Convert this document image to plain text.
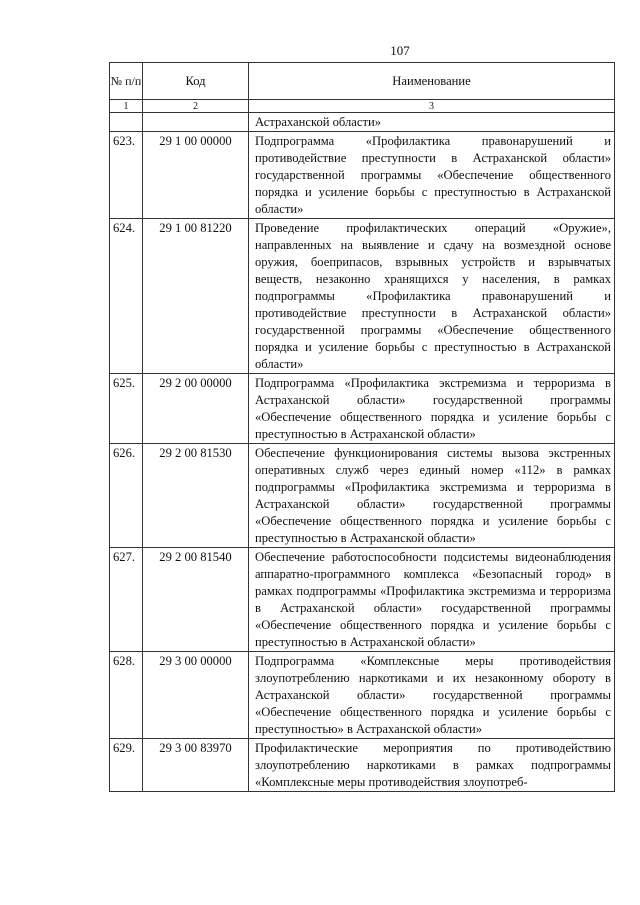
107
№ п/п	Код	Наименование
1	2	3
		Астраханской области»
623.	29 1 00 00000	Подпрограмма «Профилактика правонарушений и противодействие преступности в Астраханской области» государственной программы «Обеспечение общественного порядка и усиление борьбы с преступностью в Астраханской области»
624.	29 1 00 81220	Проведение профилактических операций «Оружие», направленных на выявление и сдачу на возмездной основе оружия, боеприпасов, взрывных устройств и взрывчатых веществ, незаконно хранящихся у населения, в рамках подпрограммы «Профилактика правонарушений и противодействие преступности в Астраханской области» государственной программы «Обеспечение общественного порядка и усиление борьбы с преступностью в Астраханской области»
625.	29 2 00 00000	Подпрограмма «Профилактика экстремизма и терроризма в Астраханской области» государственной программы «Обеспечение общественного порядка и усиление борьбы с преступностью в Астраханской области»
626.	29 2 00 81530	Обеспечение функционирования системы вызова экстренных оперативных служб через единый номер «112» в рамках подпрограммы «Профилактика экстремизма и терроризма в Астраханской области» государственной программы «Обеспечение общественного порядка и усиление борьбы с преступностью в Астраханской области»
627.	29 2 00 81540	Обеспечение работоспособности подсистемы видеонаблюдения аппаратно-программного комплекса «Безопасный город» в рамках подпрограммы «Профилактика экстремизма и терроризма в Астраханской области» государственной программы «Обеспечение общественного порядка и усиление борьбы с преступностью в Астраханской области»
628.	29 3 00 00000	Подпрограмма «Комплексные меры противодействия злоупотреблению наркотиками и их незаконному обороту в Астраханской области» государственной программы «Обеспечение общественного порядка и усиление борьбы с преступностью» в Астраханской области»
629.	29 3 00 83970	Профилактические мероприятия по противодействию злоупотреблению наркотиками в рамках подпрограммы «Комплексные меры противодействия злоупотреб-
